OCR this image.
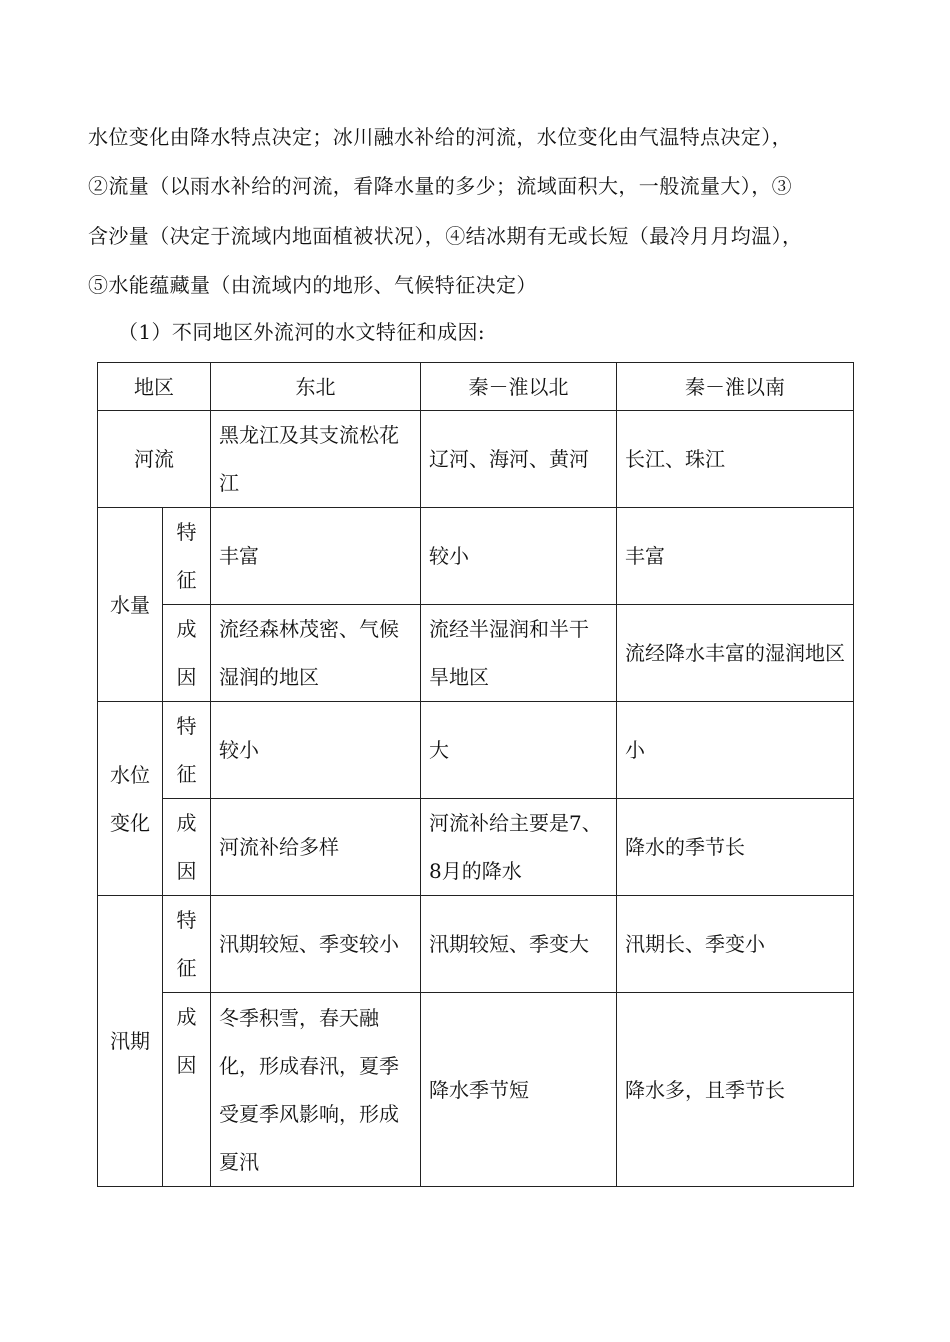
水位变化由降水特点决定；冰川融水补给的河流，水位变化由气温特点决定），
②流量（以雨水补给的河流，看降水量的多少；流域面积大，一般流量大），③
含沙量（决定于流域内地面植被状况），④结冰期有无或长短（最冷月月均温），
⑤水能蕴藏量（由流域内的地形、气候特征决定）
（1）不同地区外流河的水文特征和成因:
地区		东北	秦－淮以北	秦－淮以南
河流		黑龙江及其支流松花江	辽河、海河、黄河	长江、珠江
水量	特征	丰富	较小	丰富
	成因	流经森林茂密、气候湿润的地区	流经半湿润和半干旱地区	流经降水丰富的湿润地区
水位变化	特征	较小	大	小
	成因	河流补给多样	河流补给主要是7、8月的降水	降水的季节长
汛期	特征	汛期较短、季变较小	汛期较短、季变大	汛期长、季变小
	成因	冬季积雪，春天融化，形成春汛，夏季受夏季风影响，形成夏汛	降水季节短	降水多，且季节长
